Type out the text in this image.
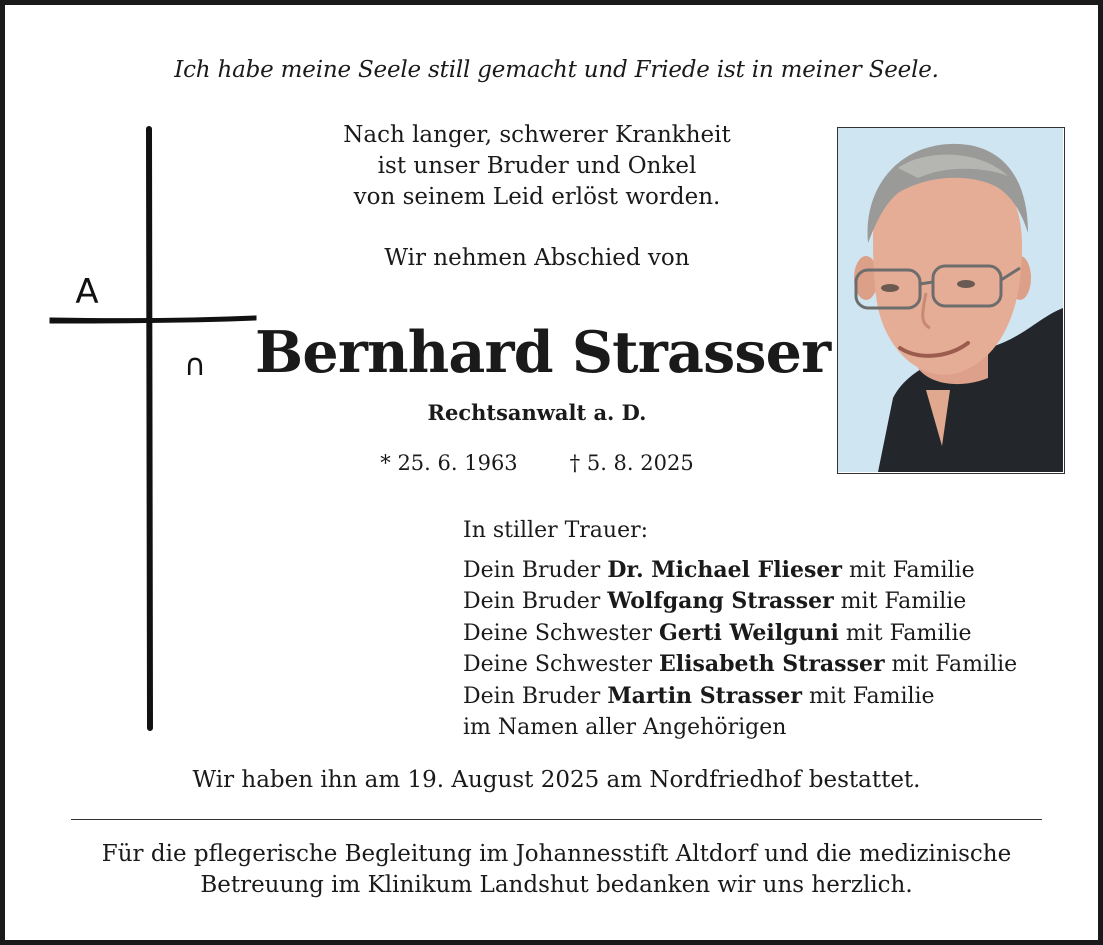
Ich habe meine Seele still gemacht und Friede ist in meiner Seele.
A
∩
Nach langer, schwerer Krankheit
ist unser Bruder und Onkel
von seinem Leid erlöst worden.
Wir nehmen Abschied von
Bernhard Strasser
Rechtsanwalt a. D.
* 25. 6. 1963 † 5. 8. 2025
In stiller Trauer:
Dein Bruder Dr. Michael Flieser mit Familie
Dein Bruder Wolfgang Strasser mit Familie
Deine Schwester Gerti Weilguni mit Familie
Deine Schwester Elisabeth Strasser mit Familie
Dein Bruder Martin Strasser mit Familie
im Namen aller Angehörigen
Wir haben ihn am 19. August 2025 am Nordfriedhof bestattet.
Für die pflegerische Begleitung im Johannesstift Altdorf und die medizinische
Betreuung im Klinikum Landshut bedanken wir uns herzlich.
